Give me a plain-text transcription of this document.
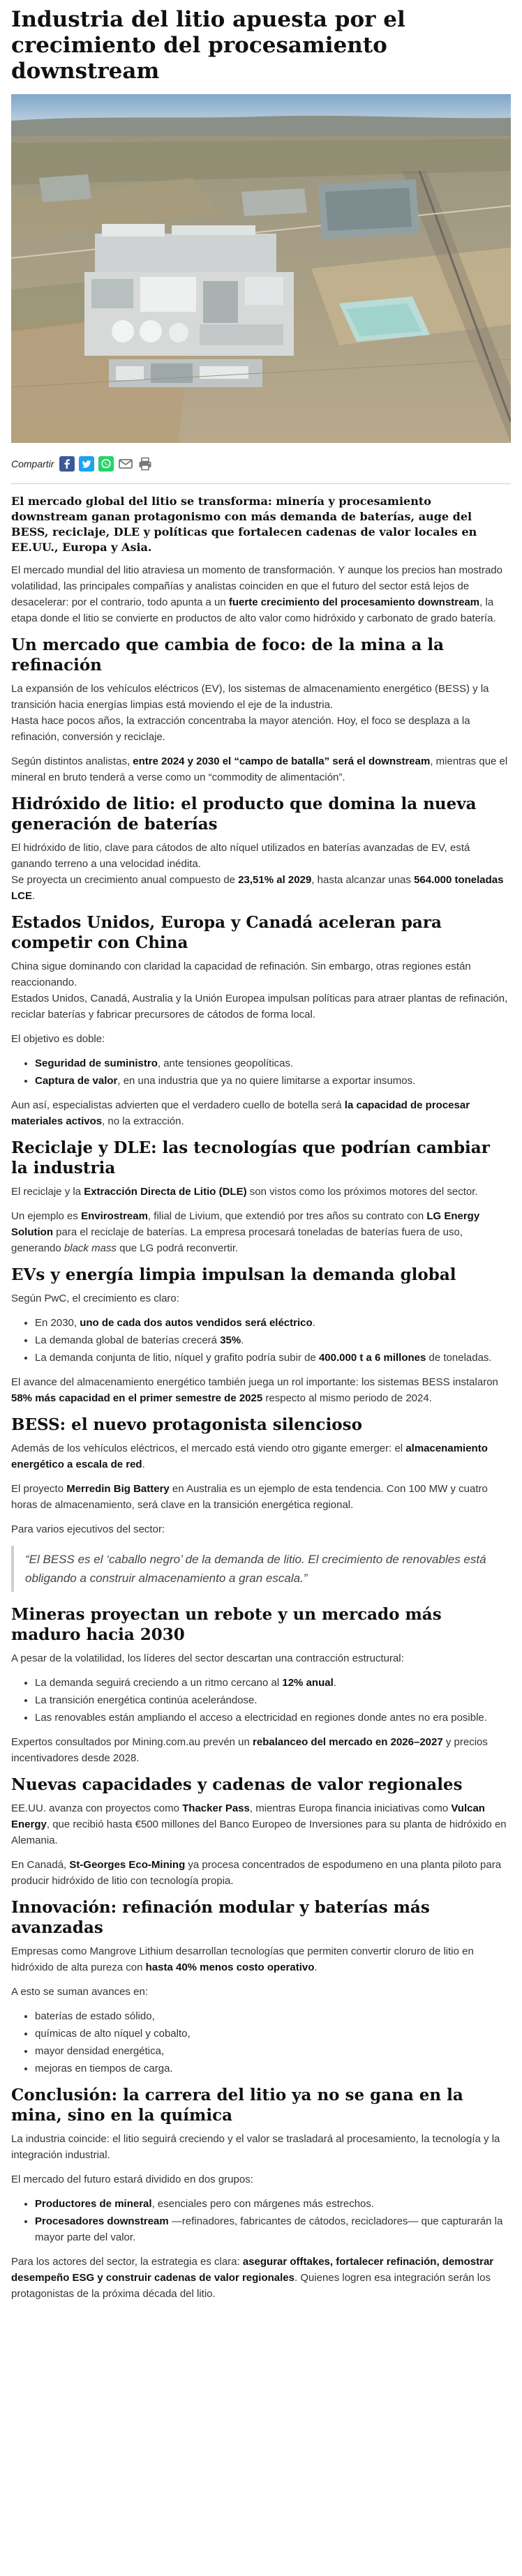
Industria del litio apuesta por el crecimiento del procesamiento downstream
Compartir

El mercado global del litio se transforma: minería y procesamiento downstream ganan protagonismo con más demanda de baterías, auge del BESS, reciclaje, DLE y políticas que fortalecen cadenas de valor locales en EE.UU., Europa y Asia.

El mercado mundial del litio atraviesa un momento de transformación. Y aunque los precios han mostrado volatilidad, las principales compañías y analistas coinciden en que el futuro del sector está lejos de desacelerar: por el contrario, todo apunta a un fuerte crecimiento del procesamiento downstream, la etapa donde el litio se convierte en productos de alto valor como hidróxido y carbonato de grado batería.

Un mercado que cambia de foco: de la mina a la refinación

La expansión de los vehículos eléctricos (EV), los sistemas de almacenamiento energético (BESS) y la transición hacia energías limpias está moviendo el eje de la industria.

Hasta hace pocos años, la extracción concentraba la mayor atención. Hoy, el foco se desplaza a la refinación, conversión y reciclaje.

Según distintos analistas, entre 2024 y 2030 el “campo de batalla” será el downstream, mientras que el mineral en bruto tenderá a verse como un “commodity de alimentación”.

Hidróxido de litio: el producto que domina la nueva generación de baterías

El hidróxido de litio, clave para cátodos de alto níquel utilizados en baterías avanzadas de EV, está ganando terreno a una velocidad inédita.

Se proyecta un crecimiento anual compuesto de 23,51% al 2029, hasta alcanzar unas 564.000 toneladas LCE.

Estados Unidos, Europa y Canadá aceleran para competir con China

China sigue dominando con claridad la capacidad de refinación. Sin embargo, otras regiones están reaccionando.

Estados Unidos, Canadá, Australia y la Unión Europea impulsan políticas para atraer plantas de refinación, reciclar baterías y fabricar precursores de cátodos de forma local.

El objetivo es doble:

• Seguridad de suministro, ante tensiones geopolíticas.
• Captura de valor, en una industria que ya no quiere limitarse a exportar insumos.

Aun así, especialistas advierten que el verdadero cuello de botella será la capacidad de procesar materiales activos, no la extracción.

Reciclaje y DLE: las tecnologías que podrían cambiar la industria

El reciclaje y la Extracción Directa de Litio (DLE) son vistos como los próximos motores del sector.

Un ejemplo es Envirostream, filial de Livium, que extendió por tres años su contrato con LG Energy Solution para el reciclaje de baterías. La empresa procesará toneladas de baterías fuera de uso, generando black mass que LG podrá reconvertir.

EVs y energía limpia impulsan la demanda global

Según PwC, el crecimiento es claro:

• En 2030, uno de cada dos autos vendidos será eléctrico.
• La demanda global de baterías crecerá 35%.
• La demanda conjunta de litio, níquel y grafito podría subir de 400.000 t a 6 millones de toneladas.

El avance del almacenamiento energético también juega un rol importante: los sistemas BESS instalaron 58% más capacidad en el primer semestre de 2025 respecto al mismo periodo de 2024.

BESS: el nuevo protagonista silencioso

Además de los vehículos eléctricos, el mercado está viendo otro gigante emerger: el almacenamiento energético a escala de red.

El proyecto Merredin Big Battery en Australia es un ejemplo de esta tendencia. Con 100 MW y cuatro horas de almacenamiento, será clave en la transición energética regional.

Para varios ejecutivos del sector:

“El BESS es el ‘caballo negro’ de la demanda de litio. El crecimiento de renovables está obligando a construir almacenamiento a gran escala.”
Mineras proyectan un rebote y un mercado más maduro hacia 2030

A pesar de la volatilidad, los líderes del sector descartan una contracción estructural:

• La demanda seguirá creciendo a un ritmo cercano al 12% anual.
• La transición energética continúa acelerándose.
• Las renovables están ampliando el acceso a electricidad en regiones donde antes no era posible.

Expertos consultados por Mining.com.au prevén un rebalanceo del mercado en 2026–2027 y precios incentivadores desde 2028.

Nuevas capacidades y cadenas de valor regionales

EE.UU. avanza con proyectos como Thacker Pass, mientras Europa financia iniciativas como Vulcan Energy, que recibió hasta €500 millones del Banco Europeo de Inversiones para su planta de hidróxido en Alemania.

En Canadá, St-Georges Eco-Mining ya procesa concentrados de espodumeno en una planta piloto para producir hidróxido de litio con tecnología propia.

Innovación: refinación modular y baterías más avanzadas

Empresas como Mangrove Lithium desarrollan tecnologías que permiten convertir cloruro de litio en hidróxido de alta pureza con hasta 40% menos costo operativo.

A esto se suman avances en:

• baterías de estado sólido,
• químicas de alto níquel y cobalto,
• mayor densidad energética,
• mejoras en tiempos de carga.
Conclusión: la carrera del litio ya no se gana en la mina, sino en la química

La industria coincide: el litio seguirá creciendo y el valor se trasladará al procesamiento, la tecnología y la integración industrial.

El mercado del futuro estará dividido en dos grupos:

• Productores de mineral, esenciales pero con márgenes más estrechos.
• Procesadores downstream —refinadores, fabricantes de cátodos, recicladores— que capturarán la mayor parte del valor.

Para los actores del sector, la estrategia es clara: asegurar offtakes, fortalecer refinación, demostrar desempeño ESG y construir cadenas de valor regionales. Quienes logren esa integración serán los protagonistas de la próxima década del litio.
